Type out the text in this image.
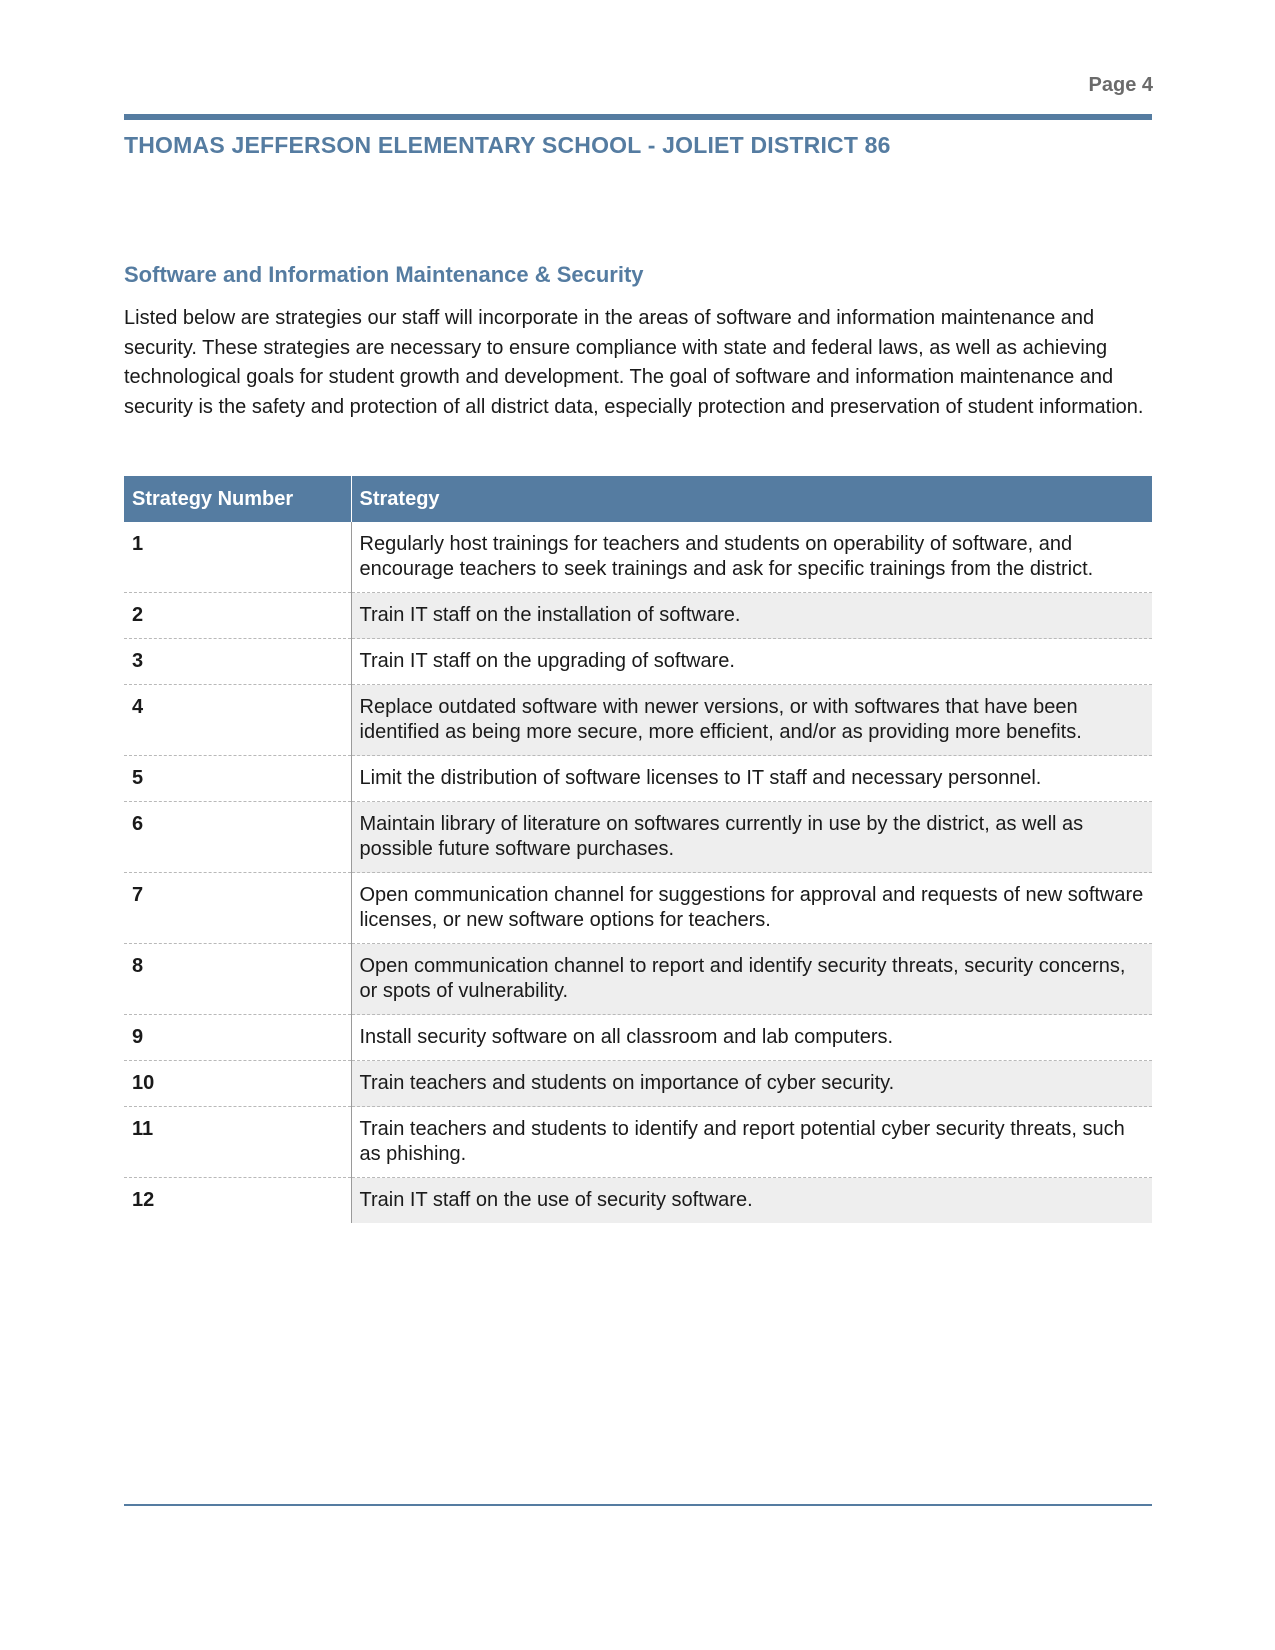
Page 4
THOMAS JEFFERSON ELEMENTARY SCHOOL - JOLIET DISTRICT 86
Software and Information Maintenance & Security
Listed below are strategies our staff will incorporate in the areas of software and information maintenance and security. These strategies are necessary to ensure compliance with state and federal laws, as well as achieving technological goals for student growth and development. The goal of software and information maintenance and security is the safety and protection of all district data, especially protection and preservation of student information.
Strategy Number	Strategy
1	Regularly host trainings for teachers and students on operability of software, and encourage teachers to seek trainings and ask for specific trainings from the district.
2	Train IT staff on the installation of software.
3	Train IT staff on the upgrading of software.
4	Replace outdated software with newer versions, or with softwares that have been identified as being more secure, more efficient, and/or as providing more benefits.
5	Limit the distribution of software licenses to IT staff and necessary personnel.
6	Maintain library of literature on softwares currently in use by the district, as well as possible future software purchases.
7	Open communication channel for suggestions for approval and requests of new software licenses, or new software options for teachers.
8	Open communication channel to report and identify security threats, security concerns, or spots of vulnerability.
9	Install security software on all classroom and lab computers.
10	Train teachers and students on importance of cyber security.
11	Train teachers and students to identify and report potential cyber security threats, such as phishing.
12	Train IT staff on the use of security software.
